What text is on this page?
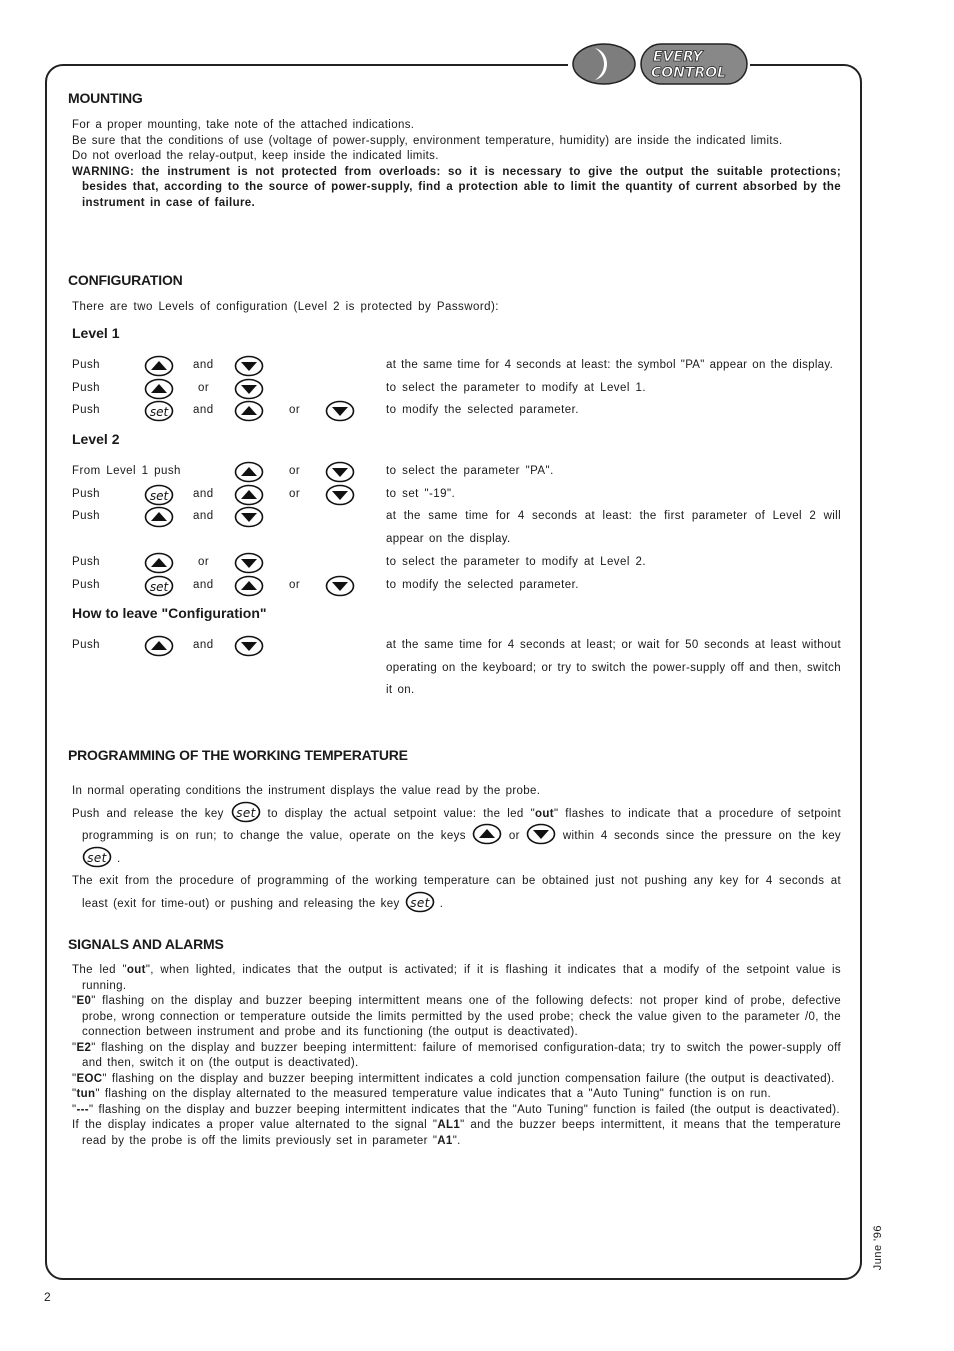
EVERY
CONTROL
MOUNTING
For a proper mounting, take note of the attached indications.
Be sure that the conditions of use (voltage of power-supply, environment temperature, humidity) are inside the indicated limits.
Do not overload the relay-output, keep inside the indicated limits.
WARNING: the instrument is not protected from overloads: so it is necessary to give the output the suitable protections; besides that, according to the source of power-supply, find a protection able to limit the quantity of current absorbed by the instrument in case of failure.
CONFIGURATION
There are two Levels of configuration (Level 2 is protected by Password):
Level 1
Push	and	at the same time for 4 seconds at least: the symbol "PA" appear on the display.
Push	or	to select the parameter to modify at Level 1.
Push	set and	or	to modify the selected parameter.
Level 2
From Level 1 push	or	to select the parameter "PA".
Push	set and	or	to set "-19".
Push	and	at the same time for 4 seconds at least: the first parameter of Level 2 will appear on the display.
Push	or	to select the parameter to modify at Level 2.
Push	set and	or	to modify the selected parameter.
How to leave "Configuration"
Push	and	at the same time for 4 seconds at least; or wait for 50 seconds at least without operating on the keyboard; or try to switch the power-supply off and then, switch it on.
PROGRAMMING OF THE WORKING TEMPERATURE
In normal operating conditions the instrument displays the value read by the probe.
Push and release the key set to display the actual setpoint value: the led "out" flashes to indicate that a procedure of setpoint programming is on run; to change the value, operate on the keys	or	within 4 seconds since the pressure on the key
set .
The exit from the procedure of programming of the working temperature can be obtained just not pushing any key for 4 seconds at least (exit for time-out) or pushing and releasing the key set .
SIGNALS AND ALARMS
The led "out", when lighted, indicates that the output is activated; if it is flashing it indicates that a modify of the setpoint value is running.
"E0" flashing on the display and buzzer beeping intermittent means one of the following defects: not proper kind of probe, defective probe, wrong connection or temperature outside the limits permitted by the used probe; check the value given to the parameter /0, the connection between instrument and probe and its functioning (the output is deactivated).
"E2" flashing on the display and buzzer beeping intermittent: failure of memorised configuration-data; try to switch the power-supply off and then, switch it on (the output is deactivated).
"EOC" flashing on the display and buzzer beeping intermittent indicates a cold junction compensation failure (the output is deactivated).
"tun" flashing on the display alternated to the measured temperature value indicates that a "Auto Tuning" function is on run.
"---" flashing on the display and buzzer beeping intermittent indicates that the "Auto Tuning" function is failed (the output is deactivated).
If the display indicates a proper value alternated to the signal "AL1" and the buzzer beeps intermittent, it means that the temperature read by the probe is off the limits previously set in parameter "A1".
June '96
2
